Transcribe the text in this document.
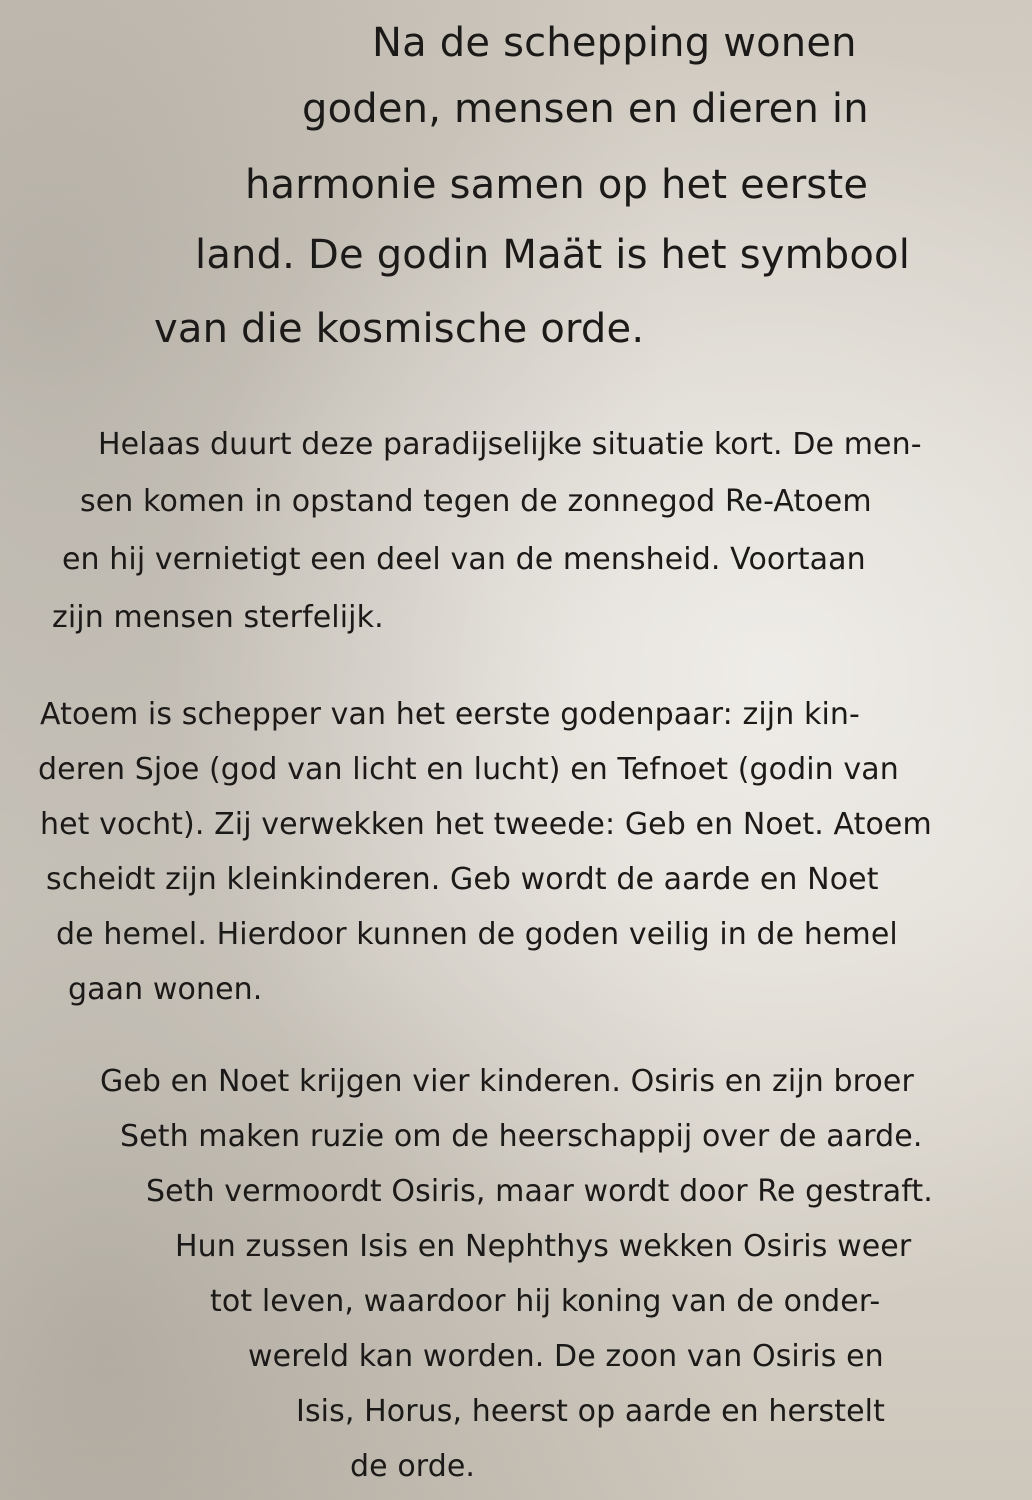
Na de schepping wonen
goden, mensen en dieren in
harmonie samen op het eerste
land. De godin Maät is het symbool
van die kosmische orde.
Helaas duurt deze paradijselijke situatie kort. De men-
sen komen in opstand tegen de zonnegod Re-Atoem
en hij vernietigt een deel van de mensheid. Voortaan
zijn mensen sterfelijk.
Atoem is schepper van het eerste godenpaar: zijn kin-
deren Sjoe (god van licht en lucht) en Tefnoet (godin van
het vocht). Zij verwekken het tweede: Geb en Noet. Atoem
scheidt zijn kleinkinderen. Geb wordt de aarde en Noet
de hemel. Hierdoor kunnen de goden veilig in de hemel
gaan wonen.
Geb en Noet krijgen vier kinderen. Osiris en zijn broer
Seth maken ruzie om de heerschappij over de aarde.
Seth vermoordt Osiris, maar wordt door Re gestraft.
Hun zussen Isis en Nephthys wekken Osiris weer
tot leven, waardoor hij koning van de onder-
wereld kan worden. De zoon van Osiris en
Isis, Horus, heerst op aarde en herstelt
de orde.
